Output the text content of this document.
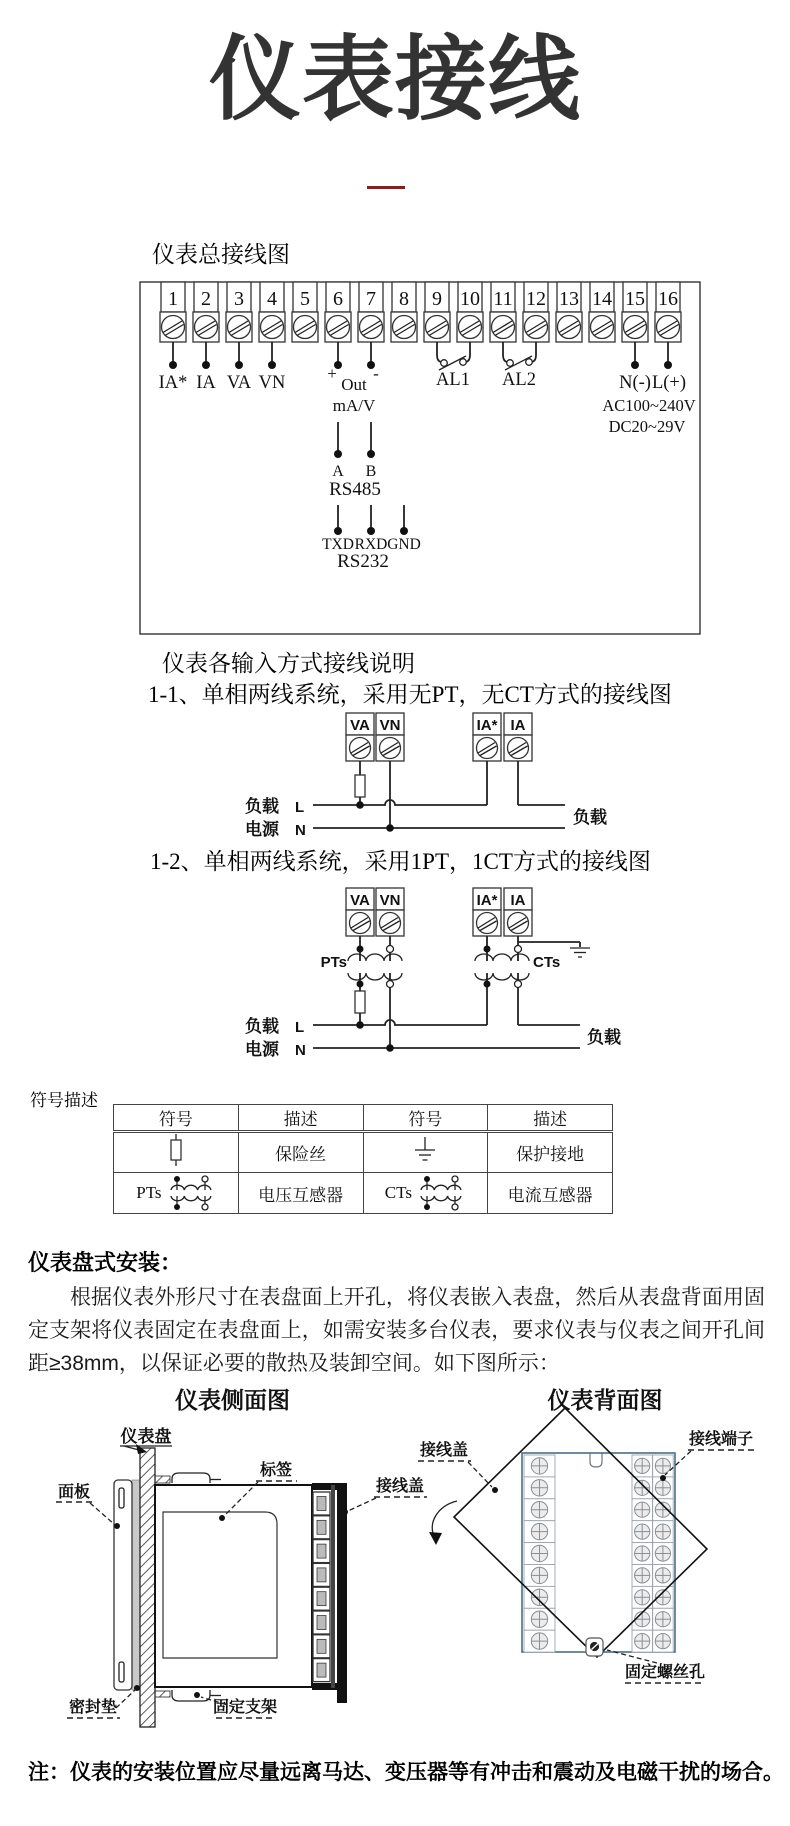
仪表接线
仪表总接线图
1 2 3 4 5 6 7 8 9 10 11 12 13 14 15 16
IA* IA VA VN + -
Out
mA/V
A B
RS485
TXD RXD GND
RS232
AL1 AL2	N(-) L(+)
AC100~240V
DC20~29V
仪表各输入方式接线说明
1-1、单相两线系统，采用无PT，无CT方式的接线图
VA VN	IA* IA
负载 L
电源 N
负载
1-2、单相两线系统，采用1PT，1CT方式的接线图
VA VN	IA* IA
PTs	CTs
负载 L
电源 N
负载
符号描述
符号	描述	符号	描述
	保险丝		保护接地

PTs	电压互感器	CTs	电流互感器
仪表盘式安装：
根据仪表外形尺寸在表盘面上开孔，将仪表嵌入表盘，然后从表盘背面用固定支架将仪表固定在表盘面上，如需安装多台仪表，要求仪表与仪表之间开孔间距≥38mm，以保证必要的散热及装卸空间。如下图所示：
仪表侧面图	仪表背面图
仪表盘
面板
标签
接线盖
密封垫	固定支架
接线盖
接线端子
固定螺丝孔
注：仪表的安装位置应尽量远离马达、变压器等有冲击和震动及电磁干扰的场合。
